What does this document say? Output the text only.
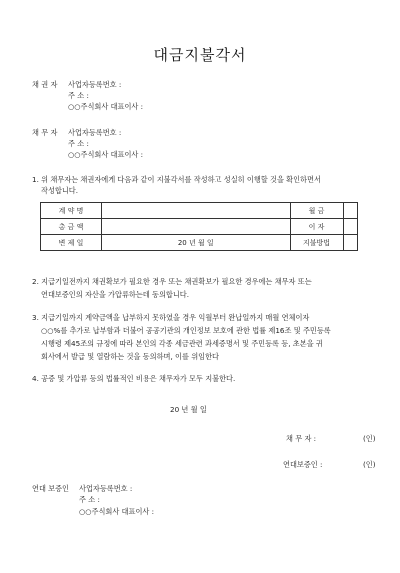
대금지불각서
채 권 자 사업자등록번호 :
주 소 :
○○주식회사 대표이사 :
채 무 자 사업자등록번호 :
주 소 :
○○주식회사 대표이사 :
1. 위 채무자는 채권자에게 다음과 같이 지불각서를 작성하고 성실히 이행할 것을 확인하면서
작성합니다.
계 약 명		월 금	
총 금 액		이 자	
변 제 일	20 년 월 일	지불방법	
2. 지급기일전까지 채권확보가 필요한 경우 또는 채권확보가 필요한 경우에는 채무자 또는
연대보증인의 자산을 가압류하는데 동의합니다.
3. 지급기일까지 계약금액을 납부하지 못하였을 경우 익월부터 완납일까지 매월 연체이자
○○%를 추가로 납부함과 더불어 공공기관의 개인정보 보호에 관한 법률 제16조 및 주민등록
시행령 제45조의 규정에 따라 본인의 각종 세금관련 과세증명서 및 주민등록 등, 초본을 귀
회사에서 발급 및 열람하는 것을 동의하며, 이를 위임한다
4. 공증 및 가압류 등의 법률적인 비용은 채무자가 모두 지불한다.
20 년 월 일
채 무 자 :	(인)
연대보증인 :	(인)
연대 보증인 사업자등록번호 :
주 소 :
○○주식회사 대표이사 :
